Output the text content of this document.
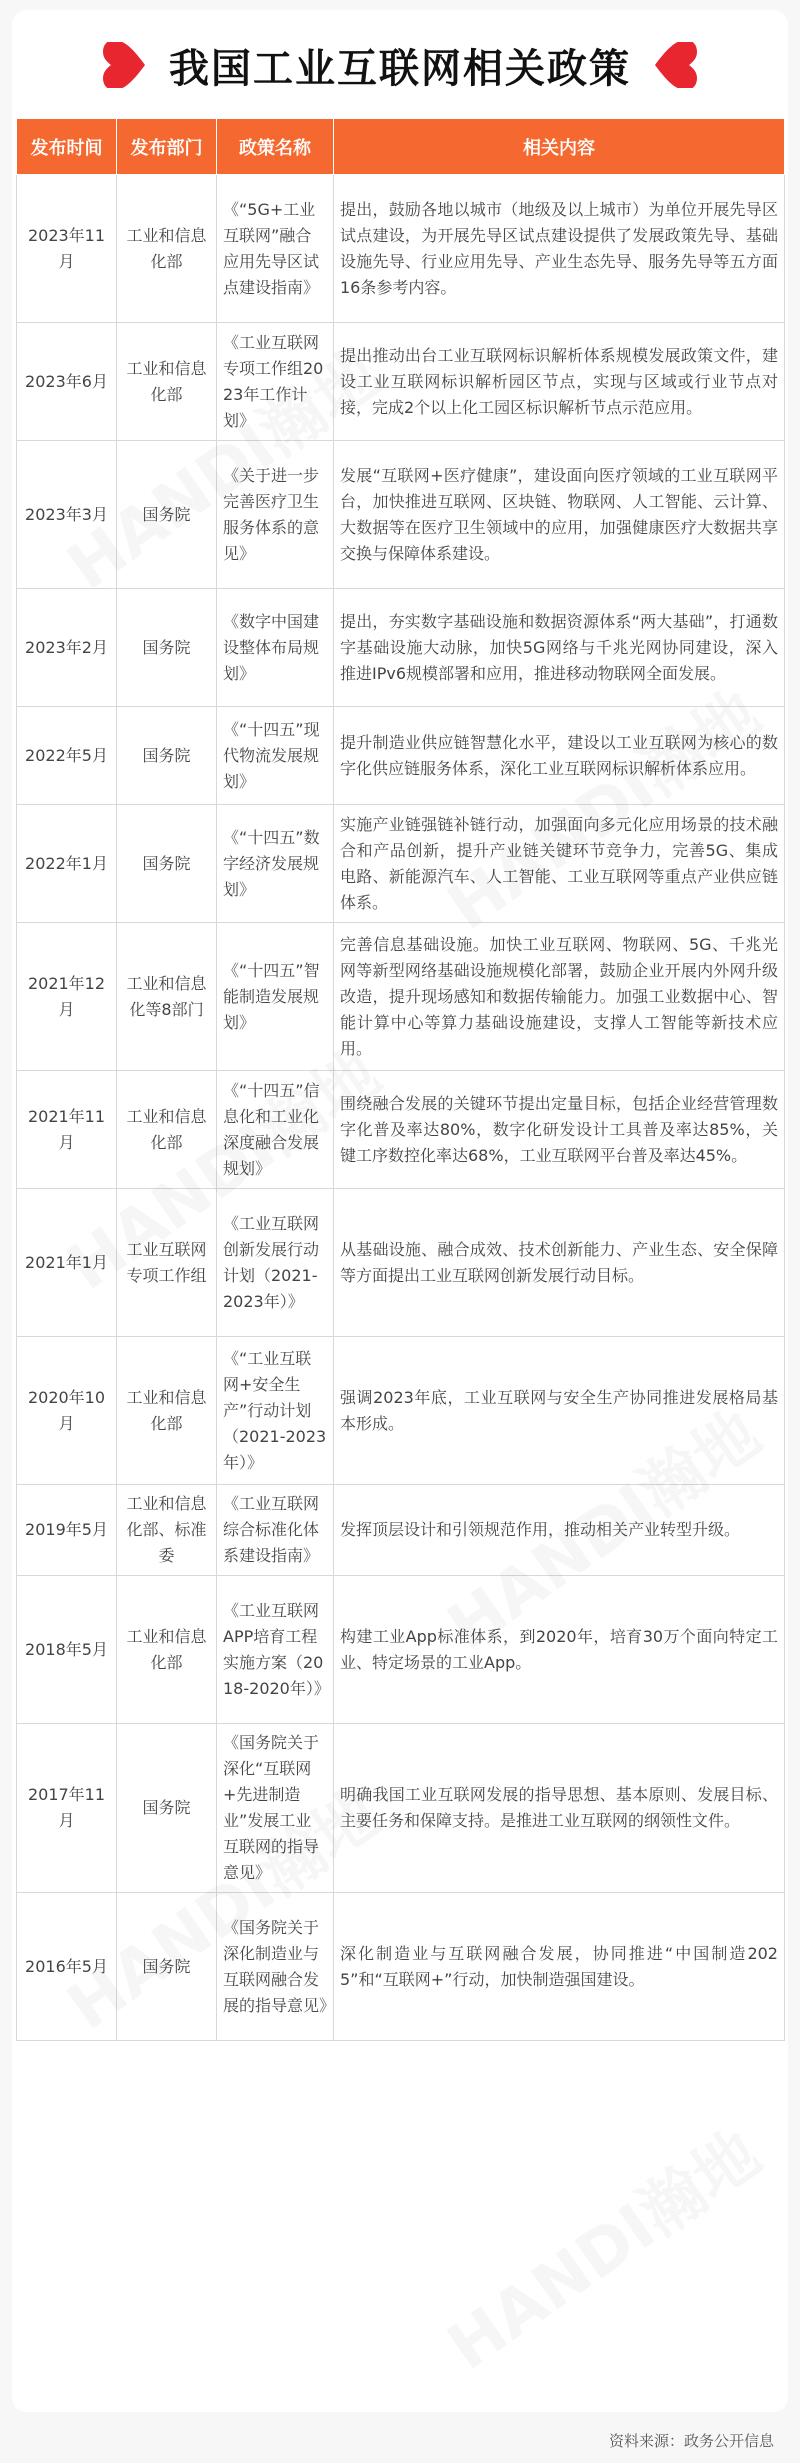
我国工业互联网相关政策
发布时间	发布部门	政策名称	相关内容
2023年11月	工业和信息化部	《“5G+工业互联网”融合应用先导区试点建设指南》	提出，鼓励各地以城市（地级及以上城市）为单位开展先导区试点建设，为开展先导区试点建设提供了发展政策先导、基础设施先导、行业应用先导、产业生态先导、服务先导等五方面16条参考内容。
2023年6月	工业和信息化部	《工业互联网专项工作组2023年工作计划》	提出推动出台工业互联网标识解析体系规模发展政策文件，建设工业互联网标识解析园区节点，实现与区域或行业节点对接，完成2个以上化工园区标识解析节点示范应用。
2023年3月	国务院	《关于进一步完善医疗卫生服务体系的意见》	发展“互联网+医疗健康”，建设面向医疗领域的工业互联网平台，加快推进互联网、区块链、物联网、人工智能、云计算、大数据等在医疗卫生领域中的应用，加强健康医疗大数据共享交换与保障体系建设。
2023年2月	国务院	《数字中国建设整体布局规划》	提出，夯实数字基础设施和数据资源体系“两大基础”，打通数字基础设施大动脉，加快5G网络与千兆光网协同建设，深入推进IPv6规模部署和应用，推进移动物联网全面发展。
2022年5月	国务院	《“十四五”现代物流发展规划》	提升制造业供应链智慧化水平，建设以工业互联网为核心的数字化供应链服务体系，深化工业互联网标识解析体系应用。
2022年1月	国务院	《“十四五”数字经济发展规划》	实施产业链强链补链行动，加强面向多元化应用场景的技术融合和产品创新，提升产业链关键环节竞争力，完善5G、集成电路、新能源汽车、人工智能、工业互联网等重点产业供应链体系。
2021年12月	工业和信息化等8部门	《“十四五”智能制造发展规划》	完善信息基础设施。加快工业互联网、物联网、5G、千兆光网等新型网络基础设施规模化部署，鼓励企业开展内外网升级改造，提升现场感知和数据传输能力。加强工业数据中心、智能计算中心等算力基础设施建设，支撑人工智能等新技术应用。
2021年11月	工业和信息化部	《“十四五”信息化和工业化深度融合发展规划》	围绕融合发展的关键环节提出定量目标，包括企业经营管理数字化普及率达80%，数字化研发设计工具普及率达85%，关键工序数控化率达68%，工业互联网平台普及率达45%。
2021年1月	工业互联网专项工作组	《工业互联网创新发展行动计划（2021-2023年）》	从基础设施、融合成效、技术创新能力、产业生态、安全保障等方面提出工业互联网创新发展行动目标。
2020年10月	工业和信息化部	《“工业互联网+安全生产”行动计划（2021-2023年）》	强调2023年底，工业互联网与安全生产协同推进发展格局基本形成。
2019年5月	工业和信息化部、标准委	《工业互联网综合标准化体系建设指南》	发挥顶层设计和引领规范作用，推动相关产业转型升级。
2018年5月	工业和信息化部	《工业互联网APP培育工程实施方案（2018-2020年）》	构建工业App标准体系，到2020年，培育30万个面向特定工业、特定场景的工业App。
2017年11月	国务院	《国务院关于深化“互联网+先进制造业”发展工业互联网的指导意见》	明确我国工业互联网发展的指导思想、基本原则、发展目标、主要任务和保障支持。是推进工业互联网的纲领性文件。
2016年5月	国务院	《国务院关于深化制造业与互联网融合发展的指导意见》	深化制造业与互联网融合发展，协同推进“中国制造2025”和“互联网+”行动，加快制造强国建设。
资料来源：政务公开信息
